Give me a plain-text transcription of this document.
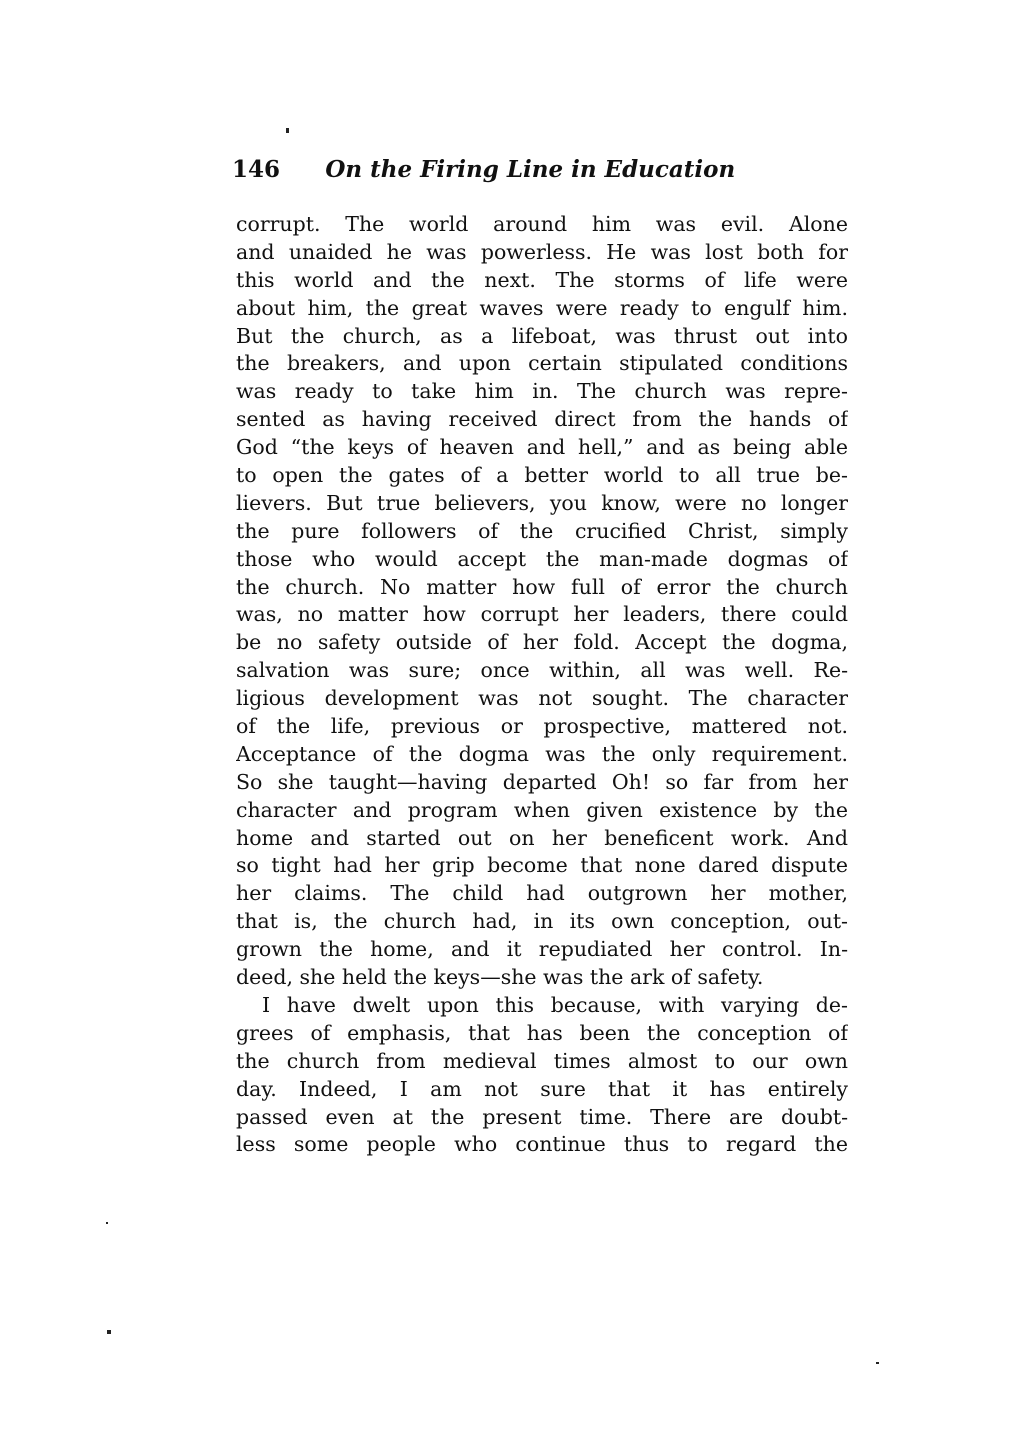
146 On the Firing Line in Education
corrupt. The world around him was evil. Alone
and unaided he was powerless. He was lost both for
this world and the next. The storms of life were
about him, the great waves were ready to engulf him.
But the church, as a lifeboat, was thrust out into
the breakers, and upon certain stipulated conditions
was ready to take him in. The church was repre-
sented as having received direct from the hands of
God “the keys of heaven and hell,” and as being able
to open the gates of a better world to all true be-
lievers. But true believers, you know, were no longer
the pure followers of the crucified Christ, simply
those who would accept the man-made dogmas of
the church. No matter how full of error the church
was, no matter how corrupt her leaders, there could
be no safety outside of her fold. Accept the dogma,
salvation was sure; once within, all was well. Re-
ligious development was not sought. The character
of the life, previous or prospective, mattered not.
Acceptance of the dogma was the only requirement.
So she taught—having departed Oh! so far from her
character and program when given existence by the
home and started out on her beneficent work. And
so tight had her grip become that none dared dispute
her claims. The child had outgrown her mother,
that is, the church had, in its own conception, out-
grown the home, and it repudiated her control. In-
deed, she held the keys—she was the ark of safety.
I have dwelt upon this because, with varying de-
grees of emphasis, that has been the conception of
the church from medieval times almost to our own
day. Indeed, I am not sure that it has entirely
passed even at the present time. There are doubt-
less some people who continue thus to regard the
